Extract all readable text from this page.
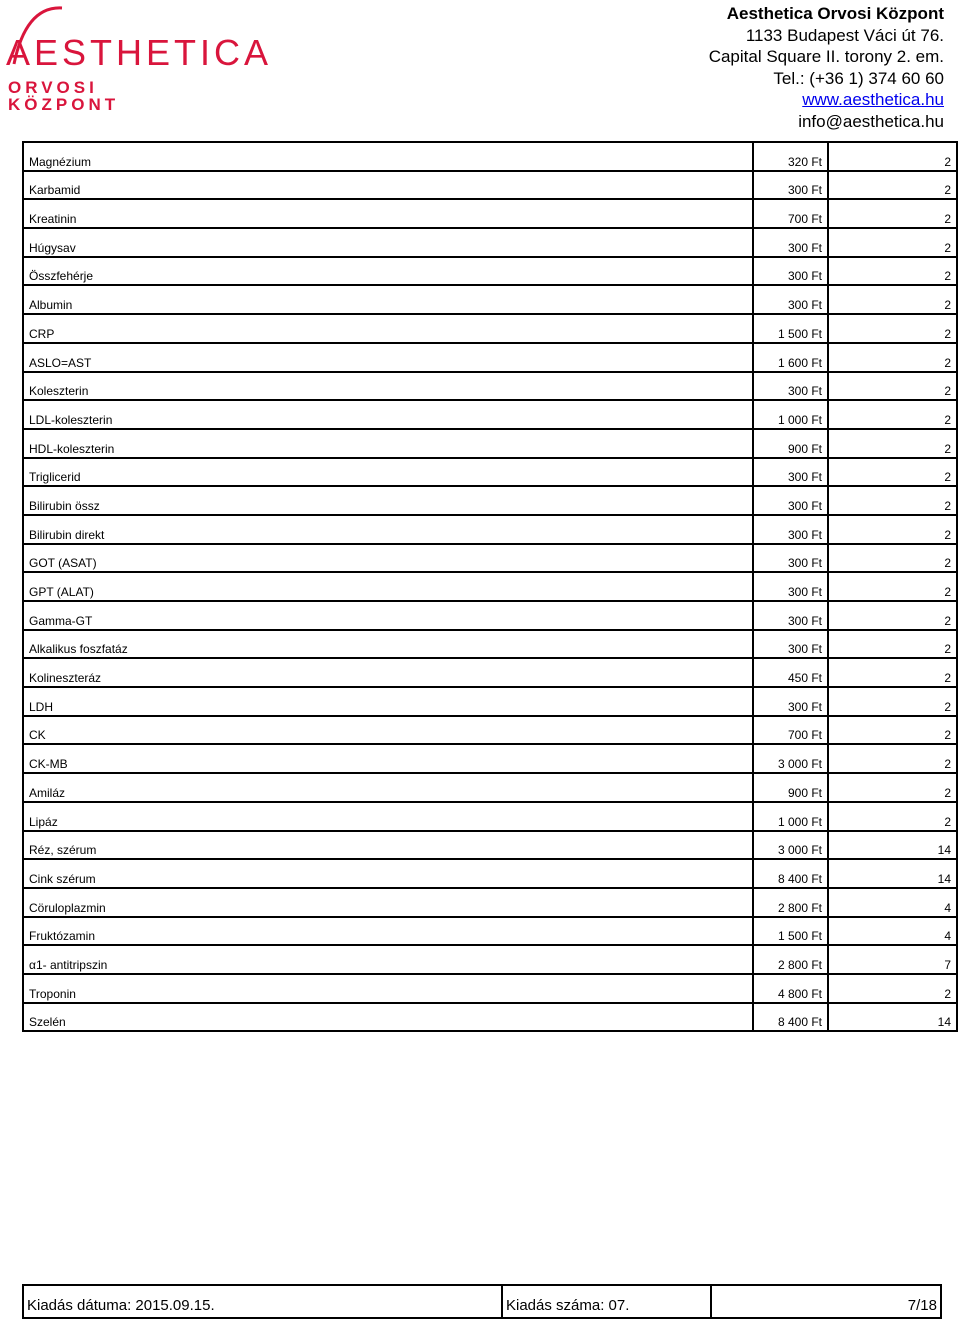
AESTHETICA
ORVOSI
KÖZPONT
Aesthetica Orvosi Központ
1133 Budapest Váci út 76.
Capital Square II. torony 2. em.
Tel.: (+36 1) 374 60 60
www.aesthetica.hu
info@aesthetica.hu
Magnézium	320 Ft	2
Karbamid	300 Ft	2
Kreatinin	700 Ft	2
Húgysav	300 Ft	2
Összfehérje	300 Ft	2
Albumin	300 Ft	2
CRP	1 500 Ft	2
ASLO=AST	1 600 Ft	2
Koleszterin	300 Ft	2
LDL-koleszterin	1 000 Ft	2
HDL-koleszterin	900 Ft	2
Triglicerid	300 Ft	2
Bilirubin össz	300 Ft	2
Bilirubin direkt	300 Ft	2
GOT (ASAT)	300 Ft	2
GPT (ALAT)	300 Ft	2
Gamma-GT	300 Ft	2
Alkalikus foszfatáz	300 Ft	2
Kolineszteráz	450 Ft	2
LDH	300 Ft	2
CK	700 Ft	2
CK-MB	3 000 Ft	2
Amiláz	900 Ft	2
Lipáz	1 000 Ft	2
Réz, szérum	3 000 Ft	14
Cink szérum	8 400 Ft	14
Cöruloplazmin	2 800 Ft	4
Fruktózamin	1 500 Ft	4
α1- antitripszin	2 800 Ft	7
Troponin	4 800 Ft	2
Szelén	8 400 Ft	14
Kiadás dátuma: 2015.09.15.	Kiadás száma: 07.	7/18
